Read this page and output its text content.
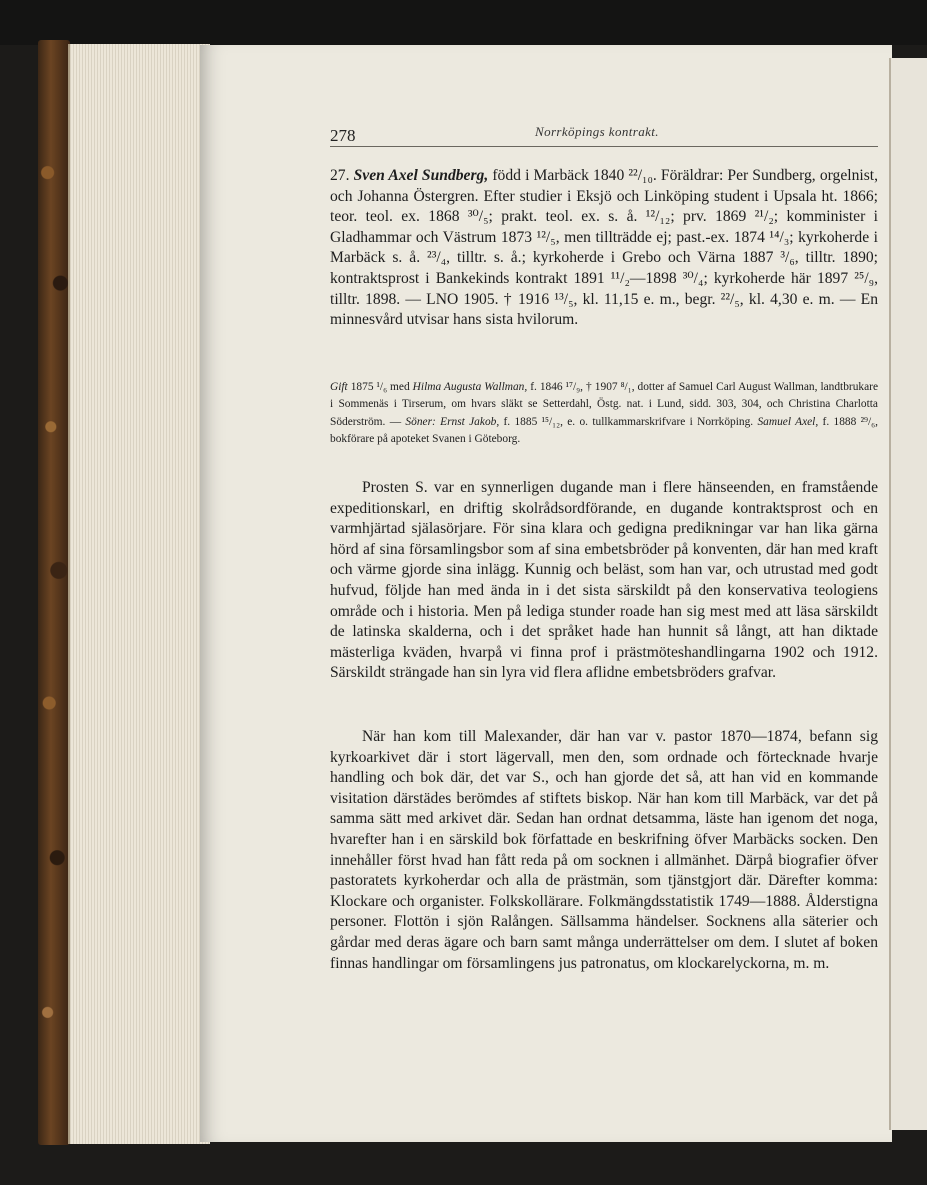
278	Norrköpings kontrakt.
27. Sven Axel Sundberg, född i Marbäck 1840 ²²/₁₀. Föräldrar: Per Sundberg, orgelnist, och Johanna Östergren. Efter studier i Eksjö och Linköping student i Upsala ht. 1866; teor. teol. ex. 1868 ³⁰/₅; prakt. teol. ex. s. å. ¹²/₁₂; prv. 1869 ²¹/₂; komminister i Gladhammar och Västrum 1873 ¹²/₅, men tillträdde ej; past.-ex. 1874 ¹⁴/₃; kyrkoherde i Marbäck s. å. ²³/₄, tilltr. s. å.; kyrkoherde i Grebo och Värna 1887 ³/₆, tilltr. 1890; kontraktsprost i Bankekinds kontrakt 1891 ¹¹/₂—1898 ³⁰/₄; kyrkoherde här 1897 ²⁵/₉, tilltr. 1898. — LNO 1905. † 1916 ¹³/₅, kl. 11,15 e. m., begr. ²²/₅, kl. 4,30 e. m. — En minnesvård utvisar hans sista hvilorum.
Gift 1875 ¹/₆ med Hilma Augusta Wallman, f. 1846 ¹⁷/₉, † 1907 ⁸/₁, dotter af Samuel Carl August Wallman, landtbrukare i Sommenäs i Tirserum, om hvars släkt se Setterdahl, Östg. nat. i Lund, sidd. 303, 304, och Christina Charlotta Söderström. — Söner: Ernst Jakob, f. 1885 ¹⁵/₁₂, e. o. tullkammarskrifvare i Norrköping. Samuel Axel, f. 1888 ²⁹/₆, bokförare på apoteket Svanen i Göteborg.
Prosten S. var en synnerligen dugande man i flere hänseenden, en framstående expeditionskarl, en driftig skolrådsordförande, en dugande kontraktsprost och en varmhjärtad själasörjare. För sina klara och gedigna predikningar var han lika gärna hörd af sina församlingsbor som af sina embetsbröder på konventen, där han med kraft och värme gjorde sina inlägg. Kunnig och beläst, som han var, och utrustad med godt hufvud, följde han med ända in i det sista särskildt på den konservativa teologiens område och i historia. Men på lediga stunder roade han sig mest med att läsa särskildt de latinska skalderna, och i det språket hade han hunnit så långt, att han diktade mästerliga kväden, hvarpå vi finna prof i prästmöteshandlingarna 1902 och 1912. Särskildt strängade han sin lyra vid flera aflidne embetsbröders grafvar.
När han kom till Malexander, där han var v. pastor 1870—1874, befann sig kyrkoarkivet där i stort lägervall, men den, som ordnade och förtecknade hvarje handling och bok där, det var S., och han gjorde det så, att han vid en kommande visitation därstädes berömdes af stiftets biskop. När han kom till Marbäck, var det på samma sätt med arkivet där. Sedan han ordnat detsamma, läste han igenom det noga, hvarefter han i en särskild bok författade en beskrifning öfver Marbäcks socken. Den innehåller först hvad han fått reda på om socknen i allmänhet. Därpå biografier öfver pastoratets kyrkoherdar och alla de prästmän, som tjänstgjort där. Därefter komma: Klockare och organister. Folkskollärare. Folkmängdsstatistik 1749—1888. Ålderstigna personer. Flottön i sjön Ralången. Sällsamma händelser. Socknens alla säterier och gårdar med deras ägare och barn samt många underrättelser om dem. I slutet af boken finnas handlingar om församlingens jus patronatus, om klockarelyckorna, m. m.
